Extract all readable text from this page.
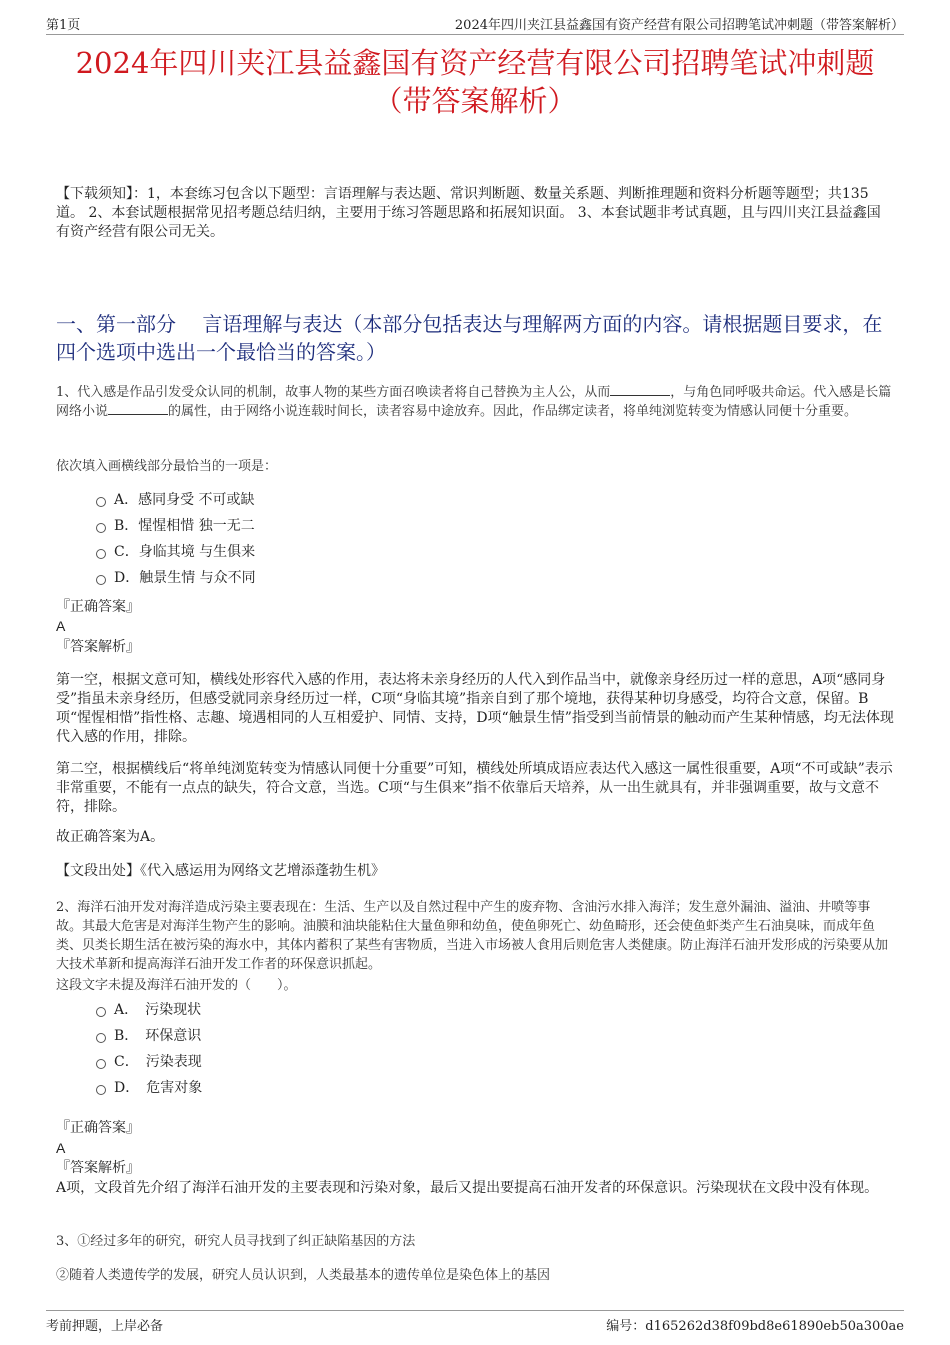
第1页	2024年四川夹江县益鑫国有资产经营有限公司招聘笔试冲刺题（带答案解析）
2024年四川夹江县益鑫国有资产经营有限公司招聘笔试冲刺题
（带答案解析）
【下载须知】：1，本套练习包含以下题型：言语理解与表达题、常识判断题、数量关系题、判断推理题和资料分析题等题型；共135道。 2、本套试题根据常见招考题总结归纳，主要用于练习答题思路和拓展知识面。 3、本套试题非考试真题，且与四川夹江县益鑫国有资产经营有限公司无关。
一、第一部分　 言语理解与表达（本部分包括表达与理解两方面的内容。请根据题目要求，在四个选项中选出一个最恰当的答案。）
1、代入感是作品引发受众认同的机制，故事人物的某些方面召唤读者将自己替换为主人公，从而	，与角色同呼吸共命运。代入感是长篇网络小说	的属性，由于网络小说连载时间长，读者容易中途放弃。因此，作品绑定读者，将单纯浏览转变为情感认同便十分重要。
依次填入画横线部分最恰当的一项是：
A．感同身受 不可或缺
B．惺惺相惜 独一无二
C．身临其境 与生俱来
D．触景生情 与众不同
『正确答案』
A
『答案解析』
第一空，根据文意可知，横线处形容代入感的作用，表达将未亲身经历的人代入到作品当中，就像亲身经历过一样的意思，A项“感同身受”指虽未亲身经历，但感受就同亲身经历过一样，C项“身临其境”指亲自到了那个境地，获得某种切身感受，均符合文意，保留。B项“惺惺相惜”指性格、志趣、境遇相同的人互相爱护、同情、支持，D项“触景生情”指受到当前情景的触动而产生某种情感，均无法体现代入感的作用，排除。
第二空，根据横线后“将单纯浏览转变为情感认同便十分重要”可知，横线处所填成语应表达代入感这一属性很重要，A项“不可或缺”表示非常重要，不能有一点点的缺失，符合文意，当选。C项“与生俱来”指不依靠后天培养，从一出生就具有，并非强调重要，故与文意不符，排除。
故正确答案为A。
【文段出处】《代入感运用为网络文艺增添蓬勃生机》
2、海洋石油开发对海洋造成污染主要表现在：生活、生产以及自然过程中产生的废弃物、含油污水排入海洋；发生意外漏油、溢油、井喷等事故。其最大危害是对海洋生物产生的影响。油膜和油块能粘住大量鱼卵和幼鱼，使鱼卵死亡、幼鱼畸形，还会使鱼虾类产生石油臭味，而成年鱼类、贝类长期生活在被污染的海水中，其体内蓄积了某些有害物质，当进入市场被人食用后则危害人类健康。防止海洋石油开发形成的污染要从加大技术革新和提高海洋石油开发工作者的环保意识抓起。
这段文字未提及海洋石油开发的（　　）。
A．　污染现状
B．　环保意识
C．　污染表现
D．　危害对象
『正确答案』
A
『答案解析』
A项，文段首先介绍了海洋石油开发的主要表现和污染对象，最后又提出要提高石油开发者的环保意识。污染现状在文段中没有体现。
3、①经过多年的研究，研究人员寻找到了纠正缺陷基因的方法
②随着人类遗传学的发展，研究人员认识到，人类最基本的遗传单位是染色体上的基因
考前押题，上岸必备	编号：d165262d38f09bd8e61890eb50a300ae
